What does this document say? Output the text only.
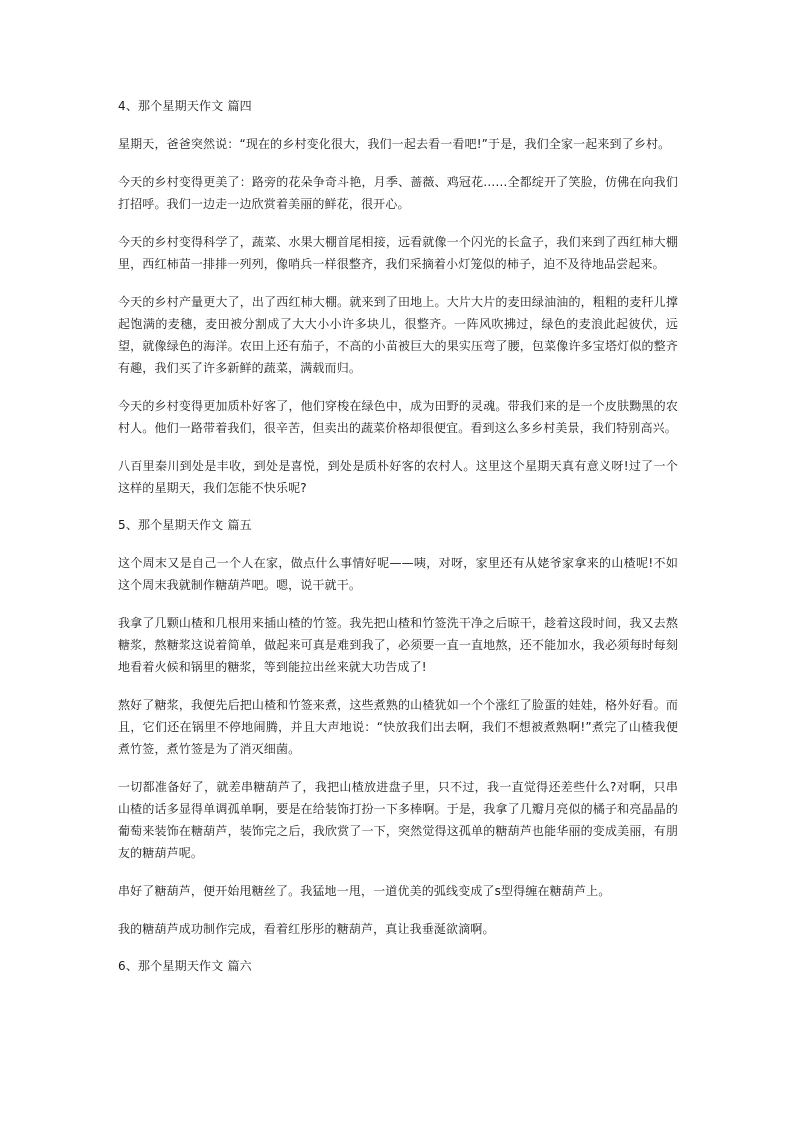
4、那个星期天作文 篇四

星期天，爸爸突然说：“现在的乡村变化很大，我们一起去看一看吧!”于是，我们全家一起来到了乡村。

今天的乡村变得更美了：路旁的花朵争奇斗艳，月季、蔷薇、鸡冠花……全都绽开了笑脸，仿佛在向我们打招呼。我们一边走一边欣赏着美丽的鲜花，很开心。

今天的乡村变得科学了，蔬菜、水果大棚首尾相接，远看就像一个闪光的长盒子，我们来到了西红柿大棚里，西红柿苗一排排一列列，像哨兵一样很整齐，我们采摘着小灯笼似的柿子，迫不及待地品尝起来。

今天的乡村产量更大了，出了西红柿大棚。就来到了田地上。大片大片的麦田绿油油的，粗粗的麦秆儿撑起饱满的麦穗，麦田被分割成了大大小小许多块儿，很整齐。一阵风吹拂过，绿色的麦浪此起彼伏，远望，就像绿色的海洋。农田上还有茄子，不高的小苗被巨大的果实压弯了腰，包菜像许多宝塔灯似的整齐有趣，我们买了许多新鲜的蔬菜，满载而归。

今天的乡村变得更加质朴好客了，他们穿梭在绿色中，成为田野的灵魂。带我们来的是一个皮肤黝黑的农村人。他们一路带着我们，很辛苦，但卖出的蔬菜价格却很便宜。看到这么多乡村美景，我们特别高兴。

八百里秦川到处是丰收，到处是喜悦，到处是质朴好客的农村人。这里这个星期天真有意义呀!过了一个这样的星期天，我们怎能不快乐呢?

5、那个星期天作文 篇五

这个周末又是自己一个人在家，做点什么事情好呢——咦，对呀，家里还有从姥爷家拿来的山楂呢!不如这个周末我就制作糖葫芦吧。嗯，说干就干。

我拿了几颗山楂和几根用来插山楂的竹签。我先把山楂和竹签洗干净之后晾干，趁着这段时间，我又去熬糖浆，熬糖浆这说着简单，做起来可真是难到我了，必须要一直一直地熬，还不能加水，我必须每时每刻地看着火候和锅里的糖浆，等到能拉出丝来就大功告成了!

熬好了糖浆，我便先后把山楂和竹签来煮，这些煮熟的山楂犹如一个个涨红了脸蛋的娃娃，格外好看。而且，它们还在锅里不停地闹腾，并且大声地说：“快放我们出去啊，我们不想被煮熟啊!”煮完了山楂我便煮竹签，煮竹签是为了消灭细菌。

一切都准备好了，就差串糖葫芦了，我把山楂放进盘子里，只不过，我一直觉得还差些什么?对啊，只串山楂的话多显得单调孤单啊，要是在给装饰打扮一下多棒啊。于是，我拿了几瓣月亮似的橘子和亮晶晶的葡萄来装饰在糖葫芦，装饰完之后，我欣赏了一下，突然觉得这孤单的糖葫芦也能华丽的变成美丽，有朋友的糖葫芦呢。

串好了糖葫芦，便开始甩糖丝了。我猛地一甩，一道优美的弧线变成了s型得缠在糖葫芦上。

我的糖葫芦成功制作完成，看着红彤彤的糖葫芦，真让我垂涎欲滴啊。

6、那个星期天作文 篇六
